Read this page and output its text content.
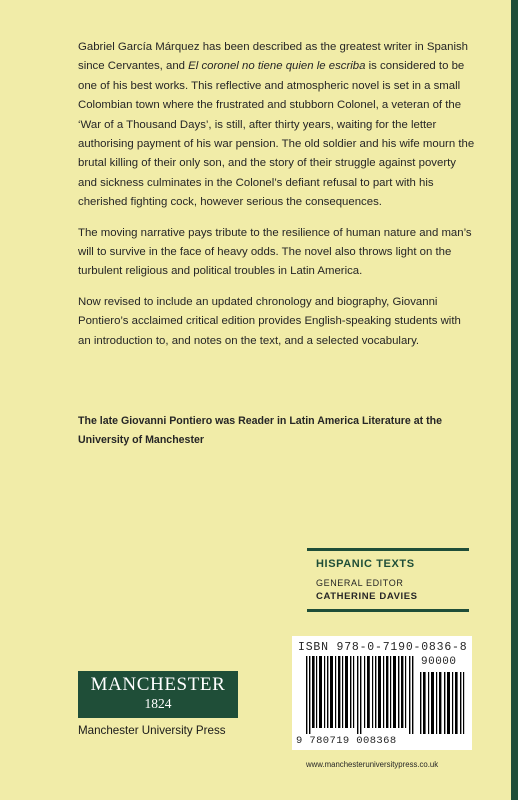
Gabriel García Márquez has been described as the greatest writer in Spanish since Cervantes, and El coronel no tiene quien le escriba is considered to be one of his best works. This reflective and atmospheric novel is set in a small Colombian town where the frustrated and stubborn Colonel, a veteran of the ‘War of a Thousand Days’, is still, after thirty years, waiting for the letter authorising payment of his war pension. The old soldier and his wife mourn the brutal killing of their only son, and the story of their struggle against poverty and sickness culminates in the Colonel’s defiant refusal to part with his cherished fighting cock, however serious the consequences.

The moving narrative pays tribute to the resilience of human nature and man’s will to survive in the face of heavy odds. The novel also throws light on the turbulent religious and political troubles in Latin America.

Now revised to include an updated chronology and biography, Giovanni Pontiero’s acclaimed critical edition provides English-speaking students with an introduction to, and notes on the text, and a selected vocabulary.

The late Giovanni Pontiero was Reader in Latin America Literature at the University of Manchester
HISPANIC TEXTS
GENERAL EDITOR
CATHERINE DAVIES
ISBN 978-0-7190-0836-8
90000
9 780719 008368
www.manchesteruniversitypress.co.uk
MANCHESTER
1824
Manchester University Press
